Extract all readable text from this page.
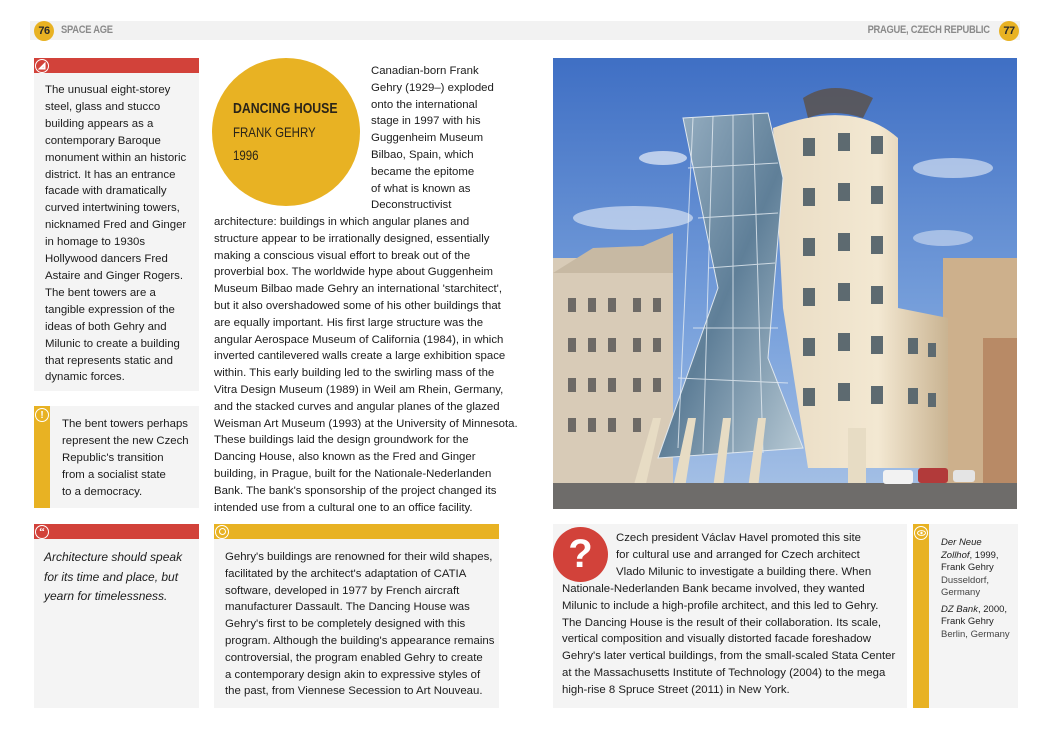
76	SPACE AGE	PRAGUE, CZECH REPUBLIC	77
The unusual eight-storey
steel, glass and stucco
building appears as a
contemporary Baroque
monument within an historic
district. It has an entrance
facade with dramatically
curved intertwining towers,
nicknamed Fred and Ginger
in homage to 1930s
Hollywood dancers Fred
Astaire and Ginger Rogers.
The bent towers are a
tangible expression of the
ideas of both Gehry and
Milunic to create a building
that represents static and
dynamic forces.
!
The bent towers perhaps
represent the new Czech
Republic's transition
from a socialist state
to a democracy.
“
Architecture should speak
for its time and place, but
yearn for timelessness.
DANCING HOUSE
FRANK GEHRY
1996
Canadian-born Frank
Gehry (1929–) exploded
onto the international
stage in 1997 with his
Guggenheim Museum
Bilbao, Spain, which
became the epitome
of what is known as
Deconstructivist
architecture: buildings in which angular planes and
structure appear to be irrationally designed, essentially
making a conscious visual effort to break out of the
proverbial box. The worldwide hype about Guggenheim
Museum Bilbao made Gehry an international 'starchitect',
but it also overshadowed some of his other buildings that
are equally important. His first large structure was the
angular Aerospace Museum of California (1984), in which
inverted cantilevered walls create a large exhibition space
within. This early building led to the swirling mass of the
Vitra Design Museum (1989) in Weil am Rhein, Germany,
and the stacked curves and angular planes of the glazed
Weisman Art Museum (1993) at the University of Minnesota.
These buildings laid the design groundwork for the
Dancing House, also known as the Fred and Ginger
building, in Prague, built for the Nationale-Nederlanden
Bank. The bank's sponsorship of the project changed its
intended use from a cultural one to an office facility.
Gehry's buildings are renowned for their wild shapes,
facilitated by the architect's adaptation of CATIA
software, developed in 1977 by French aircraft
manufacturer Dassault. The Dancing House was
Gehry's first to be completely designed with this
program. Although the building's appearance remains
controversial, the program enabled Gehry to create
a contemporary design akin to expressive styles of
the past, from Viennese Secession to Art Nouveau.
?	Czech president Václav Havel promoted this site
for cultural use and arranged for Czech architect
Vlado Milunic to investigate a building there. When
Nationale-Nederlanden Bank became involved, they wanted
Milunic to include a high-profile architect, and this led to Gehry.
The Dancing House is the result of their collaboration. Its scale,
vertical composition and visually distorted facade foreshadow
Gehry's later vertical buildings, from the small-scaled Stata Center
at the Massachusetts Institute of Technology (2004) to the mega
high-rise 8 Spruce Street (2011) in New York.
Der Neue
Zollhof, 1999,
Frank Gehry
Dusseldorf,
Germany
DZ Bank, 2000,
Frank Gehry
Berlin, Germany
